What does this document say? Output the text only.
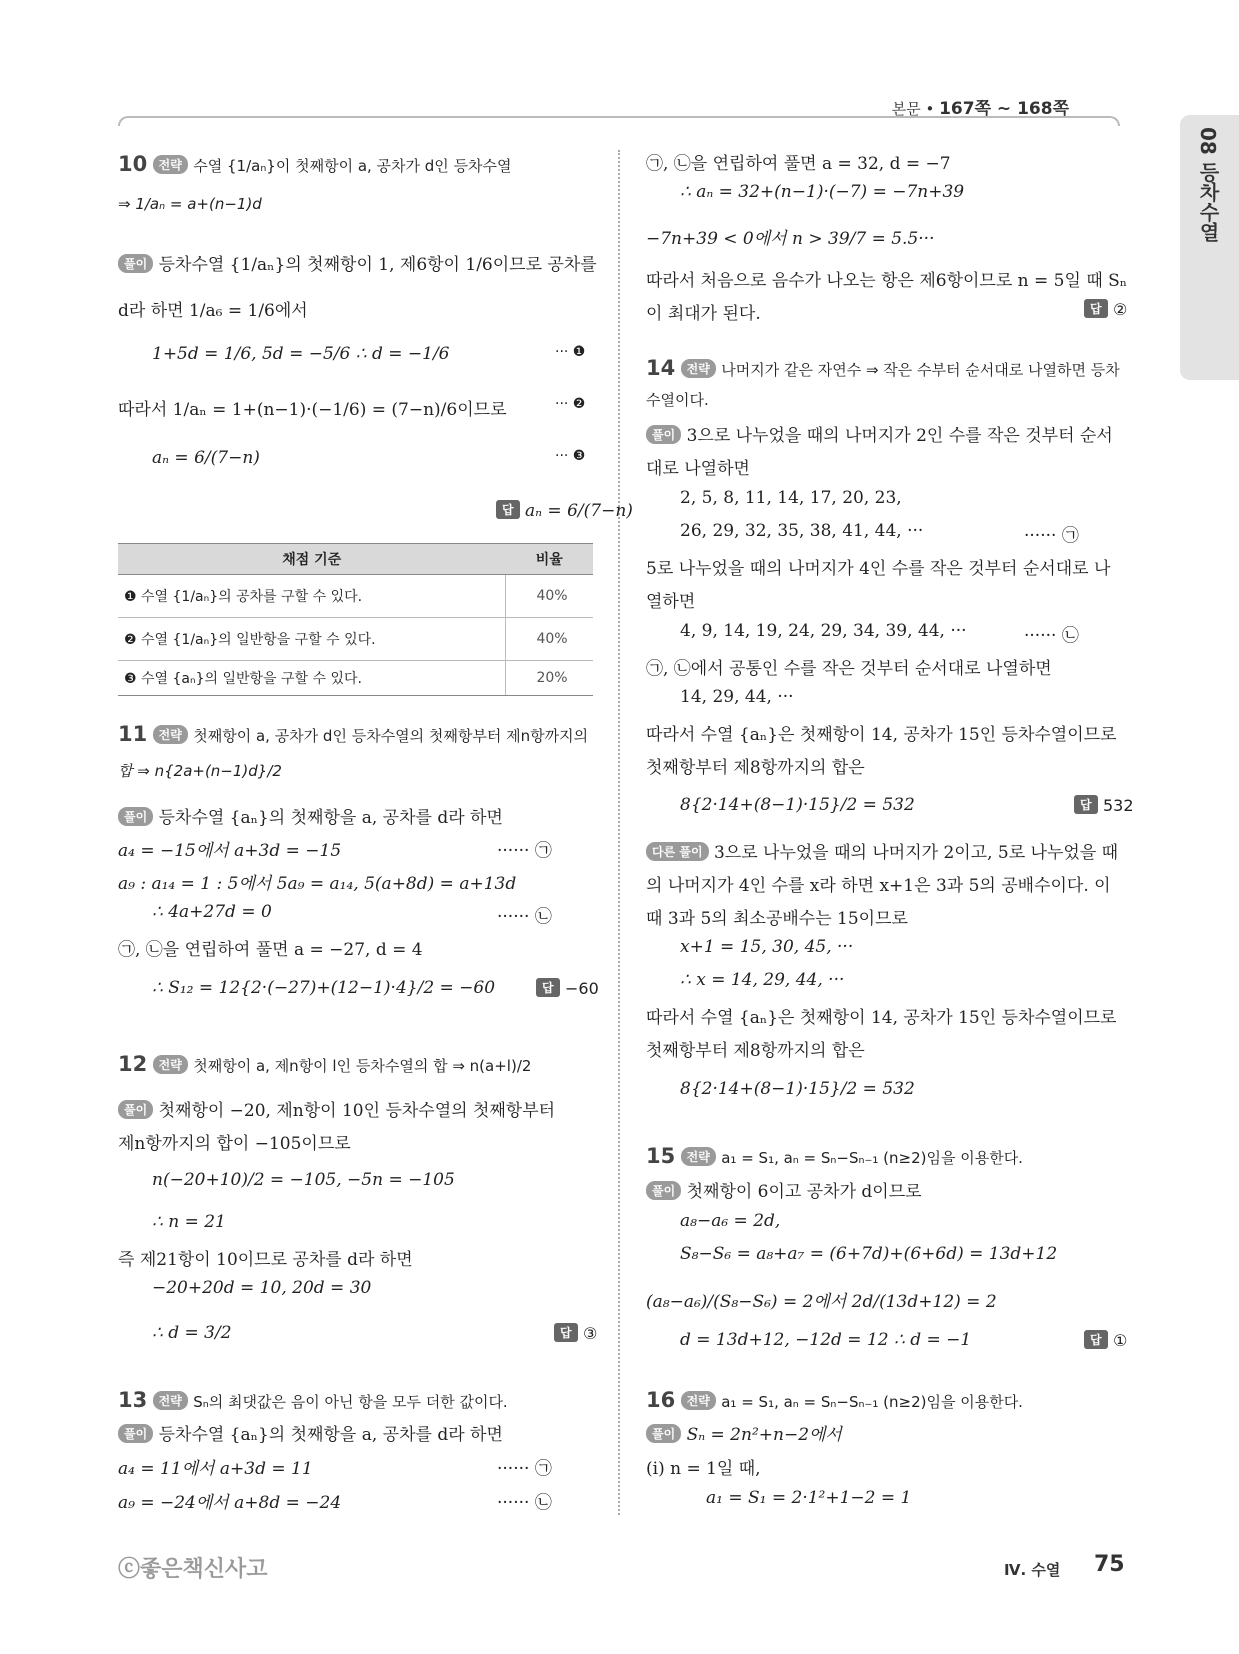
본문 • 167쪽 ~ 168쪽
08 등차수열
10 전략 수열 {1/aₙ}이 첫째항이 a, 공차가 d인 등차수열
⇒ 1/aₙ = a+(n−1)d
풀이 등차수열 {1/aₙ}의 첫째항이 1, 제6항이 1/6이므로 공차를
d라 하면 1/a₆ = 1/6에서
1+5d = 1/6, 5d = −5/6 ∴ d = −1/6	··· ❶
따라서 1/aₙ = 1+(n−1)·(−1/6) = (7−n)/6이므로	··· ❷
aₙ = 6/(7−n)	··· ❸
답 aₙ = 6/(7−n)
채점 기준	비율
❶ 수열 {1/aₙ}의 공차를 구할 수 있다.	40%
❷ 수열 {1/aₙ}의 일반항을 구할 수 있다.	40%
❸ 수열 {aₙ}의 일반항을 구할 수 있다.	20%
11 전략 첫째항이 a, 공차가 d인 등차수열의 첫째항부터 제n항까지의
합 ⇒ n{2a+(n−1)d}/2
풀이 등차수열 {aₙ}의 첫째항을 a, 공차를 d라 하면
a₄ = −15에서 a+3d = −15	······ ㉠
a₉ : a₁₄ = 1 : 5에서 5a₉ = a₁₄, 5(a+8d) = a+13d
∴ 4a+27d = 0	······ ㉡
㉠, ㉡을 연립하여 풀면 a = −27, d = 4
∴ S₁₂ = 12{2·(−27)+(12−1)·4}/2 = −60	답 −60
12 전략 첫째항이 a, 제n항이 l인 등차수열의 합 ⇒ n(a+l)/2
풀이 첫째항이 −20, 제n항이 10인 등차수열의 첫째항부터
제n항까지의 합이 −105이므로
n(−20+10)/2 = −105, −5n = −105
∴ n = 21
즉 제21항이 10이므로 공차를 d라 하면
−20+20d = 10, 20d = 30
∴ d = 3/2	답 ③
13 전략 Sₙ의 최댓값은 음이 아닌 항을 모두 더한 값이다.
풀이 등차수열 {aₙ}의 첫째항을 a, 공차를 d라 하면
a₄ = 11에서 a+3d = 11	······ ㉠
a₉ = −24에서 a+8d = −24	······ ㉡
㉠, ㉡을 연립하여 풀면 a = 32, d = −7
∴ aₙ = 32+(n−1)·(−7) = −7n+39
−7n+39 < 0에서 n > 39/7 = 5.5···
따라서 처음으로 음수가 나오는 항은 제6항이므로 n = 5일 때 Sₙ
이 최대가 된다.	답 ②
14 전략 나머지가 같은 자연수 ⇒ 작은 수부터 순서대로 나열하면 등차
수열이다.
풀이 3으로 나누었을 때의 나머지가 2인 수를 작은 것부터 순서
대로 나열하면
2, 5, 8, 11, 14, 17, 20, 23,
26, 29, 32, 35, 38, 41, 44, ···	······ ㉠
5로 나누었을 때의 나머지가 4인 수를 작은 것부터 순서대로 나
열하면
4, 9, 14, 19, 24, 29, 34, 39, 44, ···	······ ㉡
㉠, ㉡에서 공통인 수를 작은 것부터 순서대로 나열하면
14, 29, 44, ···
따라서 수열 {aₙ}은 첫째항이 14, 공차가 15인 등차수열이므로
첫째항부터 제8항까지의 합은
8{2·14+(8−1)·15}/2 = 532	답 532
다른 풀이 3으로 나누었을 때의 나머지가 2이고, 5로 나누었을 때
의 나머지가 4인 수를 x라 하면 x+1은 3과 5의 공배수이다. 이
때 3과 5의 최소공배수는 15이므로
x+1 = 15, 30, 45, ···
∴ x = 14, 29, 44, ···
따라서 수열 {aₙ}은 첫째항이 14, 공차가 15인 등차수열이므로
첫째항부터 제8항까지의 합은
8{2·14+(8−1)·15}/2 = 532
15 전략 a₁ = S₁, aₙ = Sₙ−Sₙ₋₁ (n≥2)임을 이용한다.
풀이 첫째항이 6이고 공차가 d이므로
a₈−a₆ = 2d,
S₈−S₆ = a₈+a₇ = (6+7d)+(6+6d) = 13d+12
(a₈−a₆)/(S₈−S₆) = 2에서 2d/(13d+12) = 2
d = 13d+12, −12d = 12 ∴ d = −1	답 ①
16 전략 a₁ = S₁, aₙ = Sₙ−Sₙ₋₁ (n≥2)임을 이용한다.
풀이 Sₙ = 2n²+n−2에서
(i) n = 1일 때,
a₁ = S₁ = 2·1²+1−2 = 1
ⓒ좋은책신사고	Ⅳ. 수열 75
